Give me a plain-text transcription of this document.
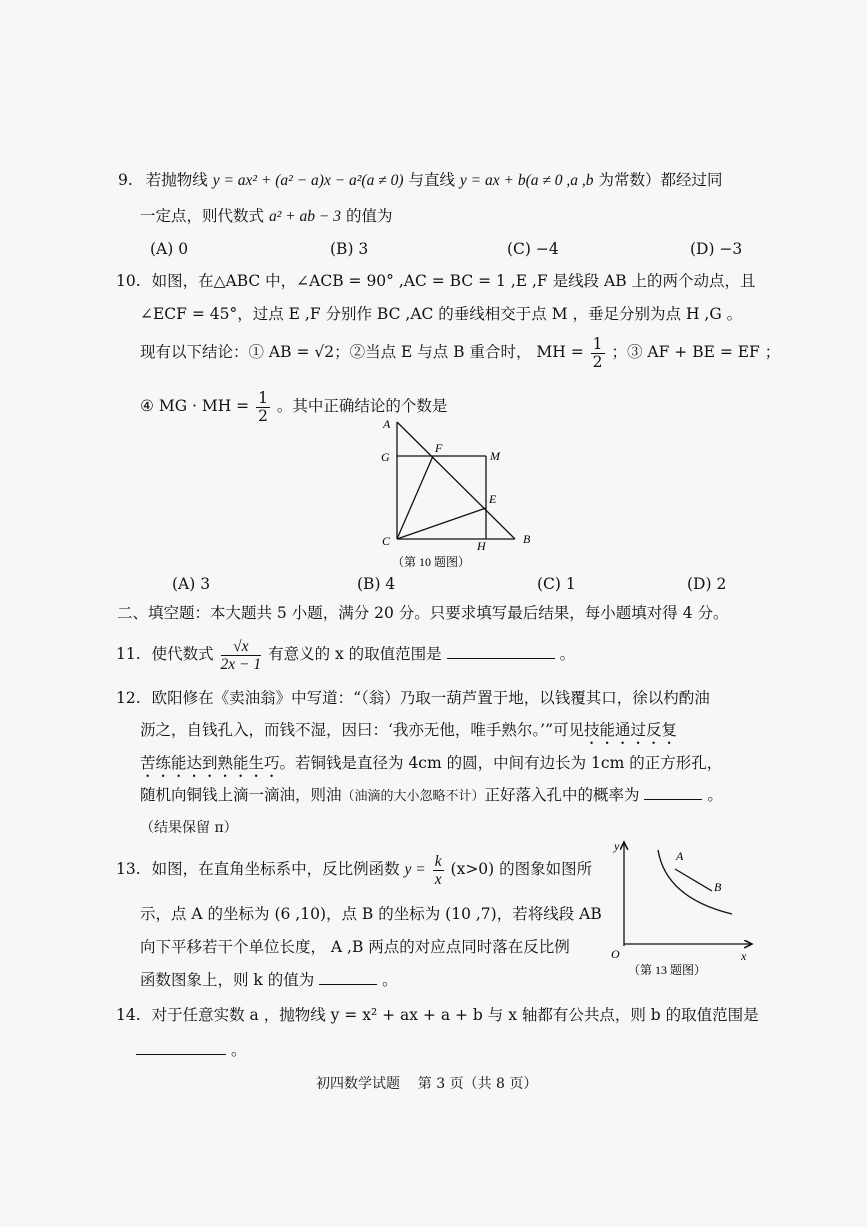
9. 若抛物线 y = ax² + (a² − a)x − a²(a ≠ 0) 与直线 y = ax + b(a ≠ 0 ,a ,b 为常数）都经过同
一定点，则代数式 a² + ab − 3 的值为
(A) 0	(B) 3	(C) −4	(D) −3
10. 如图，在△ABC 中，∠ACB = 90° ,AC = BC = 1 ,E ,F 是线段 AB 上的两个动点，且
∠ECF = 45°，过点 E ,F 分别作 BC ,AC 的垂线相交于点 M ，垂足分别为点 H ,G 。
现有以下结论：① AB = √2；②当点 E 与点 B 重合时， MH = $\frac{1}{2}$ ；③ AF + BE = EF ；
④ MG · MH = $\frac{1}{2}$ 。其中正确结论的个数是
A
G
F
M
E
C	H	B
（第 10 题图）
(A) 3	(B) 4	(C) 1	(D) 2
二、填空题：本大题共 5 小题，满分 20 分。只要求填写最后结果，每小题填对得 4 分。
11. 使代数式 $\frac{√x}{2x - 1}$ 有意义的 x 的取值范围是	。
12. 欧阳修在《卖油翁》中写道：“（翁）乃取一葫芦置于地，以钱覆其口，徐以杓酌油
沥之，自钱孔入，而钱不湿，因曰：‘我亦无他，唯手熟尔。’”可见技能通过反复
苦练能达到熟能生巧。若铜钱是直径为 4cm 的圆，中间有边长为 1cm 的正方形孔，
随机向铜钱上滴一滴油，则油（油滴的大小忽略不计）正好落入孔中的概率为	。
（结果保留 π）
13. 如图，在直角坐标系中，反比例函数 $y = \frac{k}{x} (x>0)$ 的图象如图所
示，点 A 的坐标为 (6 ,10)，点 B 的坐标为 (10 ,7)，若将线段 AB
向下平移若干个单位长度， A ,B 两点的对应点同时落在反比例
函数图象上，则 k 的值为	。
y
x
O
A
B
（第 13 题图）
14. 对于任意实数 a ，抛物线 y = x² + ax + a + b 与 x 轴都有公共点，则 b 的取值范围是
。
初四数学试题    第 3 页（共 8 页）
